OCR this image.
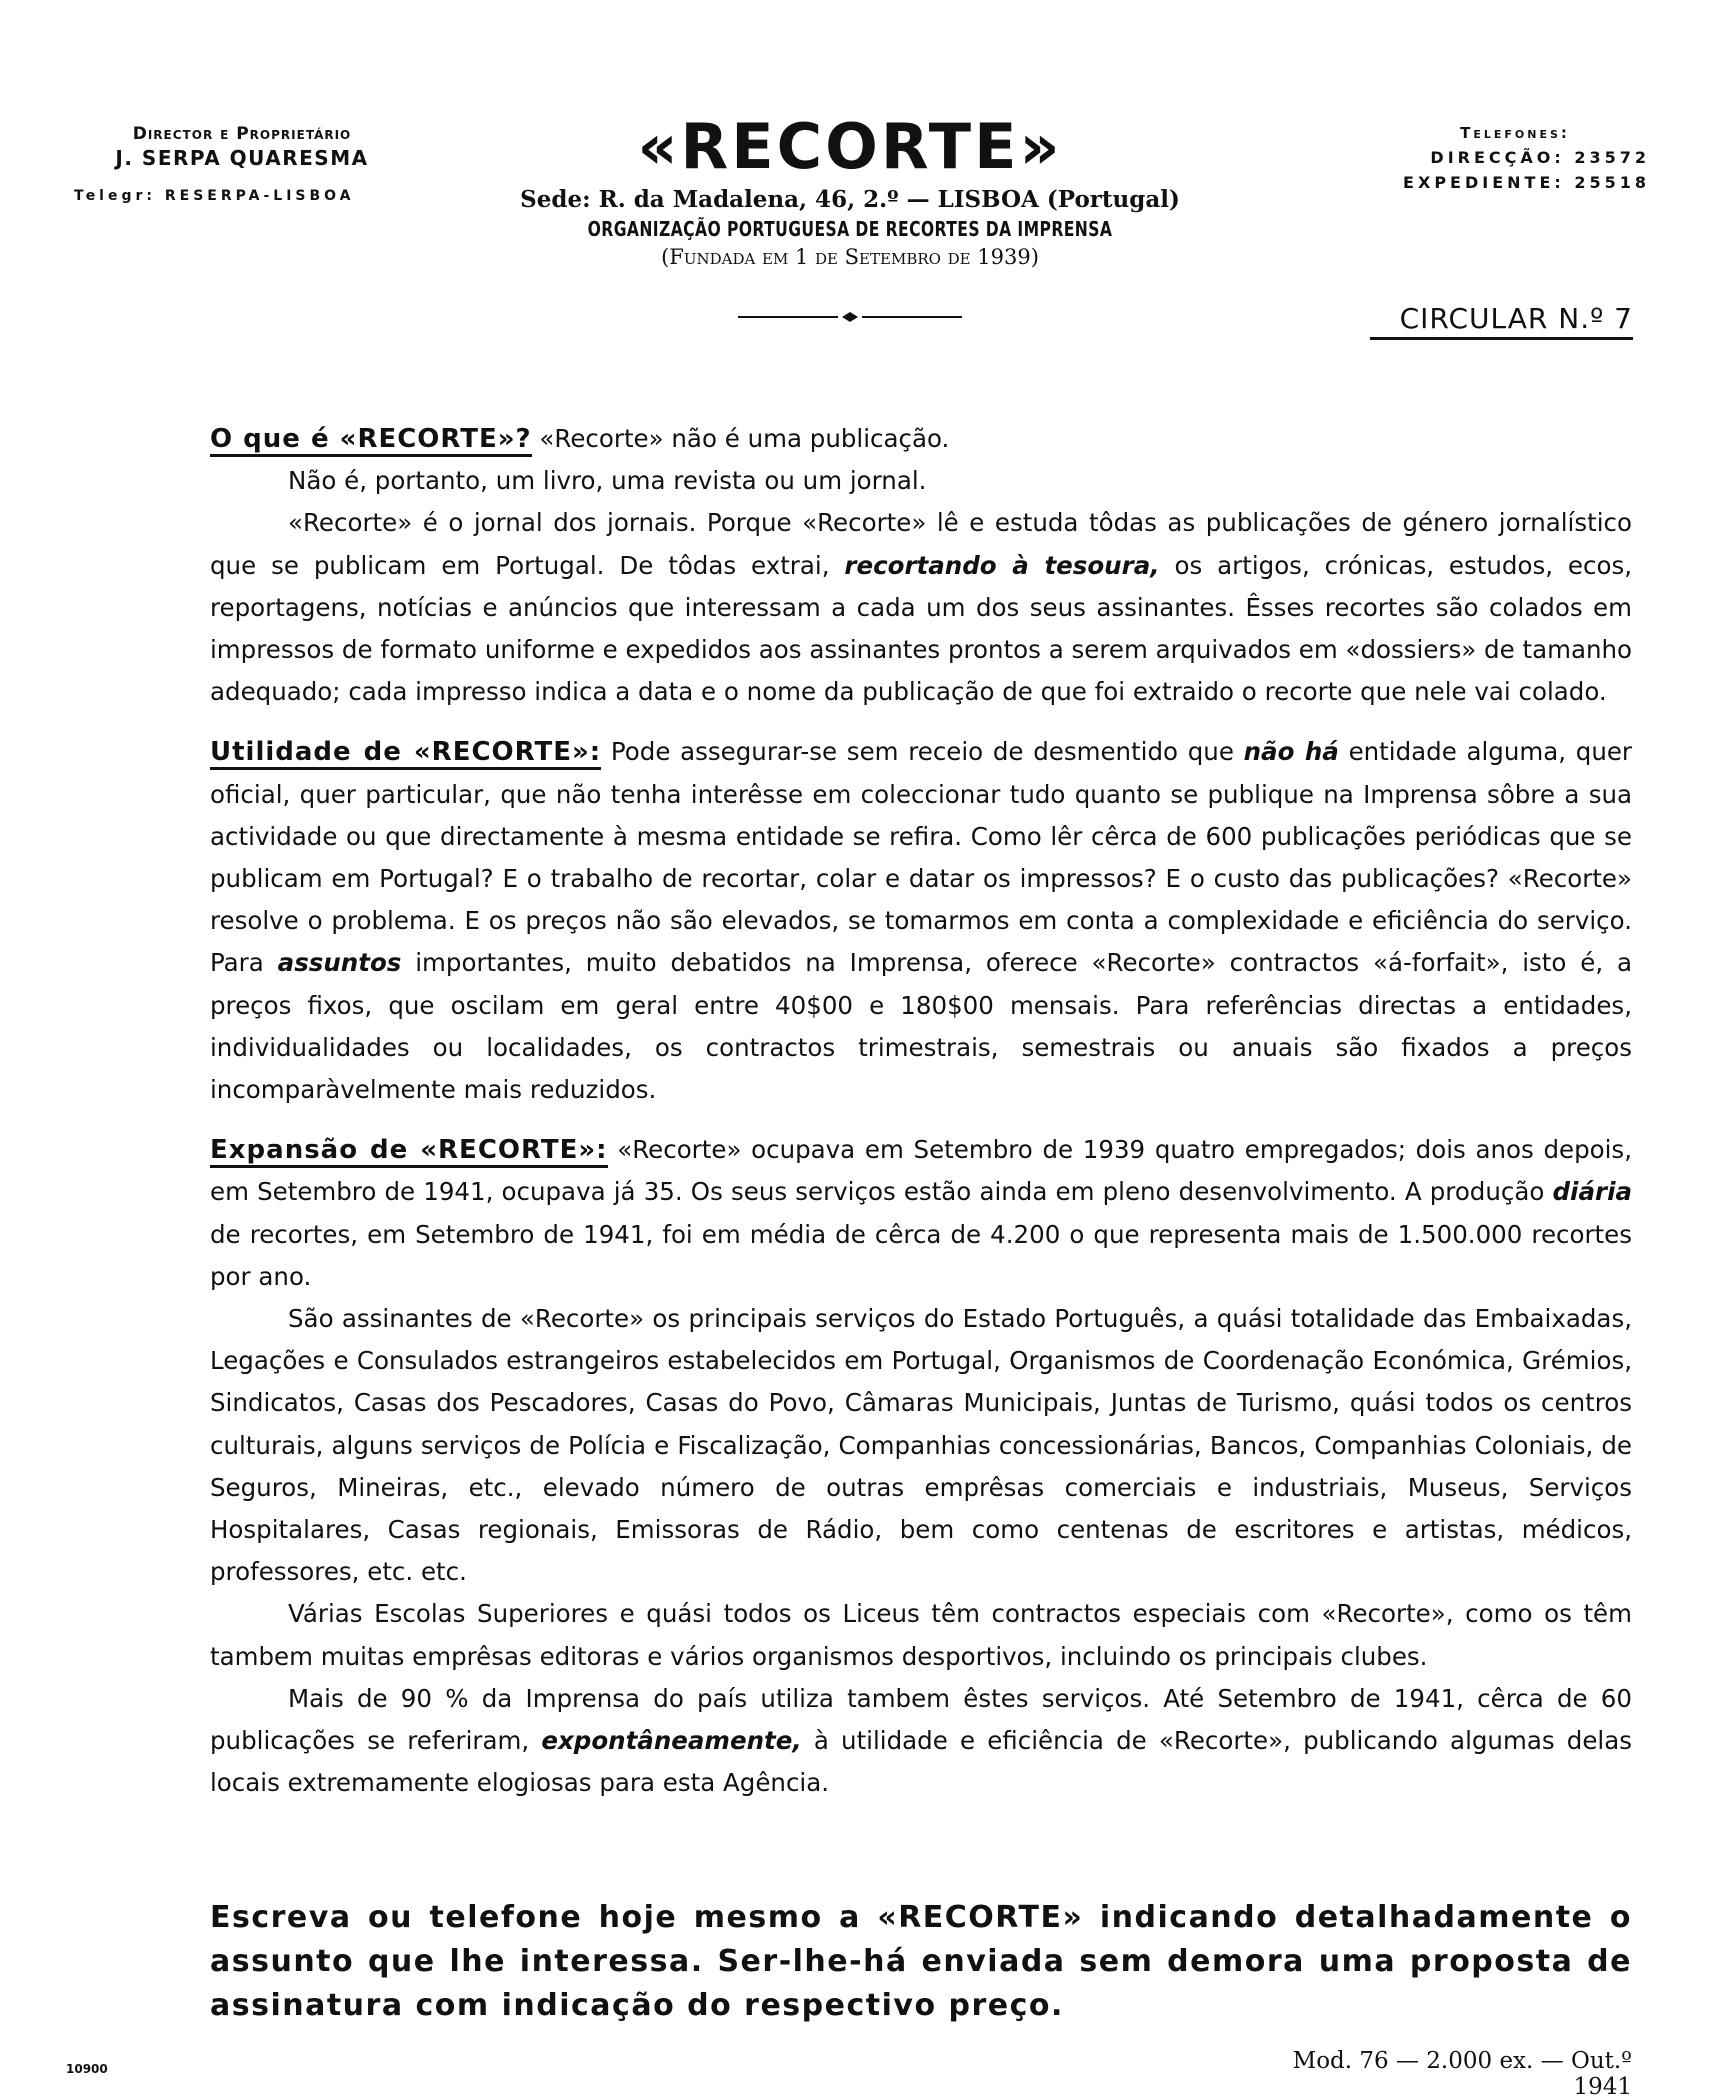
Director e Proprietário
J. SERPA QUARESMA
Telegr: RESERPA-LISBOA
«RECORTE»
Sede: R. da Madalena, 46, 2.º — LISBOA (Portugal)
ORGANIZAÇÃO PORTUGUESA DE RECORTES DA IMPRENSA
(Fundada em 1 de Setembro de 1939)
Telefones:
DIRECÇÃO: 23572
EXPEDIENTE: 25518
CIRCULAR N.º 7

O que é «RECORTE»? «Recorte» não é uma publicação.

Não é, portanto, um livro, uma revista ou um jornal.

«Recorte» é o jornal dos jornais. Porque «Recorte» lê e estuda tôdas as publicações de género jornalístico que se publicam em Portugal. De tôdas extrai, recortando à tesoura, os artigos, crónicas, estudos, ecos, reportagens, notícias e anúncios que interessam a cada um dos seus assinantes. Êsses recortes são colados em impressos de formato uniforme e expedidos aos assinantes prontos a serem arquivados em «dossiers» de tamanho adequado; cada impresso indica a data e o nome da publicação de que foi extraido o recorte que nele vai colado.

Utilidade de «RECORTE»: Pode assegurar-se sem receio de desmentido que não há entidade alguma, quer oficial, quer particular, que não tenha interêsse em coleccionar tudo quanto se publique na Imprensa sôbre a sua actividade ou que directamente à mesma entidade se refira. Como lêr cêrca de 600 publicações periódicas que se publicam em Portugal? E o trabalho de recortar, colar e datar os impressos? E o custo das publicações? «Recorte» resolve o problema. E os preços não são elevados, se tomarmos em conta a complexidade e eficiência do serviço. Para assuntos importantes, muito debatidos na Imprensa, oferece «Recorte» contractos «á-forfait», isto é, a preços fixos, que oscilam em geral entre 40$00 e 180$00 mensais. Para referências directas a entidades, individualidades ou localidades, os contractos trimestrais, semestrais ou anuais são fixados a preços incomparàvelmente mais reduzidos.

Expansão de «RECORTE»: «Recorte» ocupava em Setembro de 1939 quatro empregados; dois anos depois, em Setembro de 1941, ocupava já 35. Os seus serviços estão ainda em pleno desenvolvimento. A produção diária de recortes, em Setembro de 1941, foi em média de cêrca de 4.200 o que representa mais de 1.500.000 recortes por ano.

São assinantes de «Recorte» os principais serviços do Estado Português, a quási totalidade das Embaixadas, Legações e Consulados estrangeiros estabelecidos em Portugal, Organismos de Coordenação Económica, Grémios, Sindicatos, Casas dos Pescadores, Casas do Povo, Câmaras Municipais, Juntas de Turismo, quási todos os centros culturais, alguns serviços de Polícia e Fiscalização, Companhias concessionárias, Bancos, Companhias Coloniais, de Seguros, Mineiras, etc., elevado número de outras emprêsas comerciais e industriais, Museus, Serviços Hospitalares, Casas regionais, Emissoras de Rádio, bem como centenas de escritores e artistas, médicos, professores, etc. etc.

Várias Escolas Superiores e quási todos os Liceus têm contractos especiais com «Recorte», como os têm tambem muitas emprêsas editoras e vários organismos desportivos, incluindo os principais clubes.

Mais de 90 % da Imprensa do país utiliza tambem êstes serviços. Até Setembro de 1941, cêrca de 60 publicações se referiram, expontâneamente, à utilidade e eficiência de «Recorte», publicando algumas delas locais extremamente elogiosas para esta Agência.

Escreva ou telefone hoje mesmo a «RECORTE» indicando detalhadamente o assunto que lhe interessa. Ser-lhe-há enviada sem demora uma proposta de assinatura com indicação do respectivo preço.
10900	Mod. 76 — 2.000 ex. — Out.º 1941
